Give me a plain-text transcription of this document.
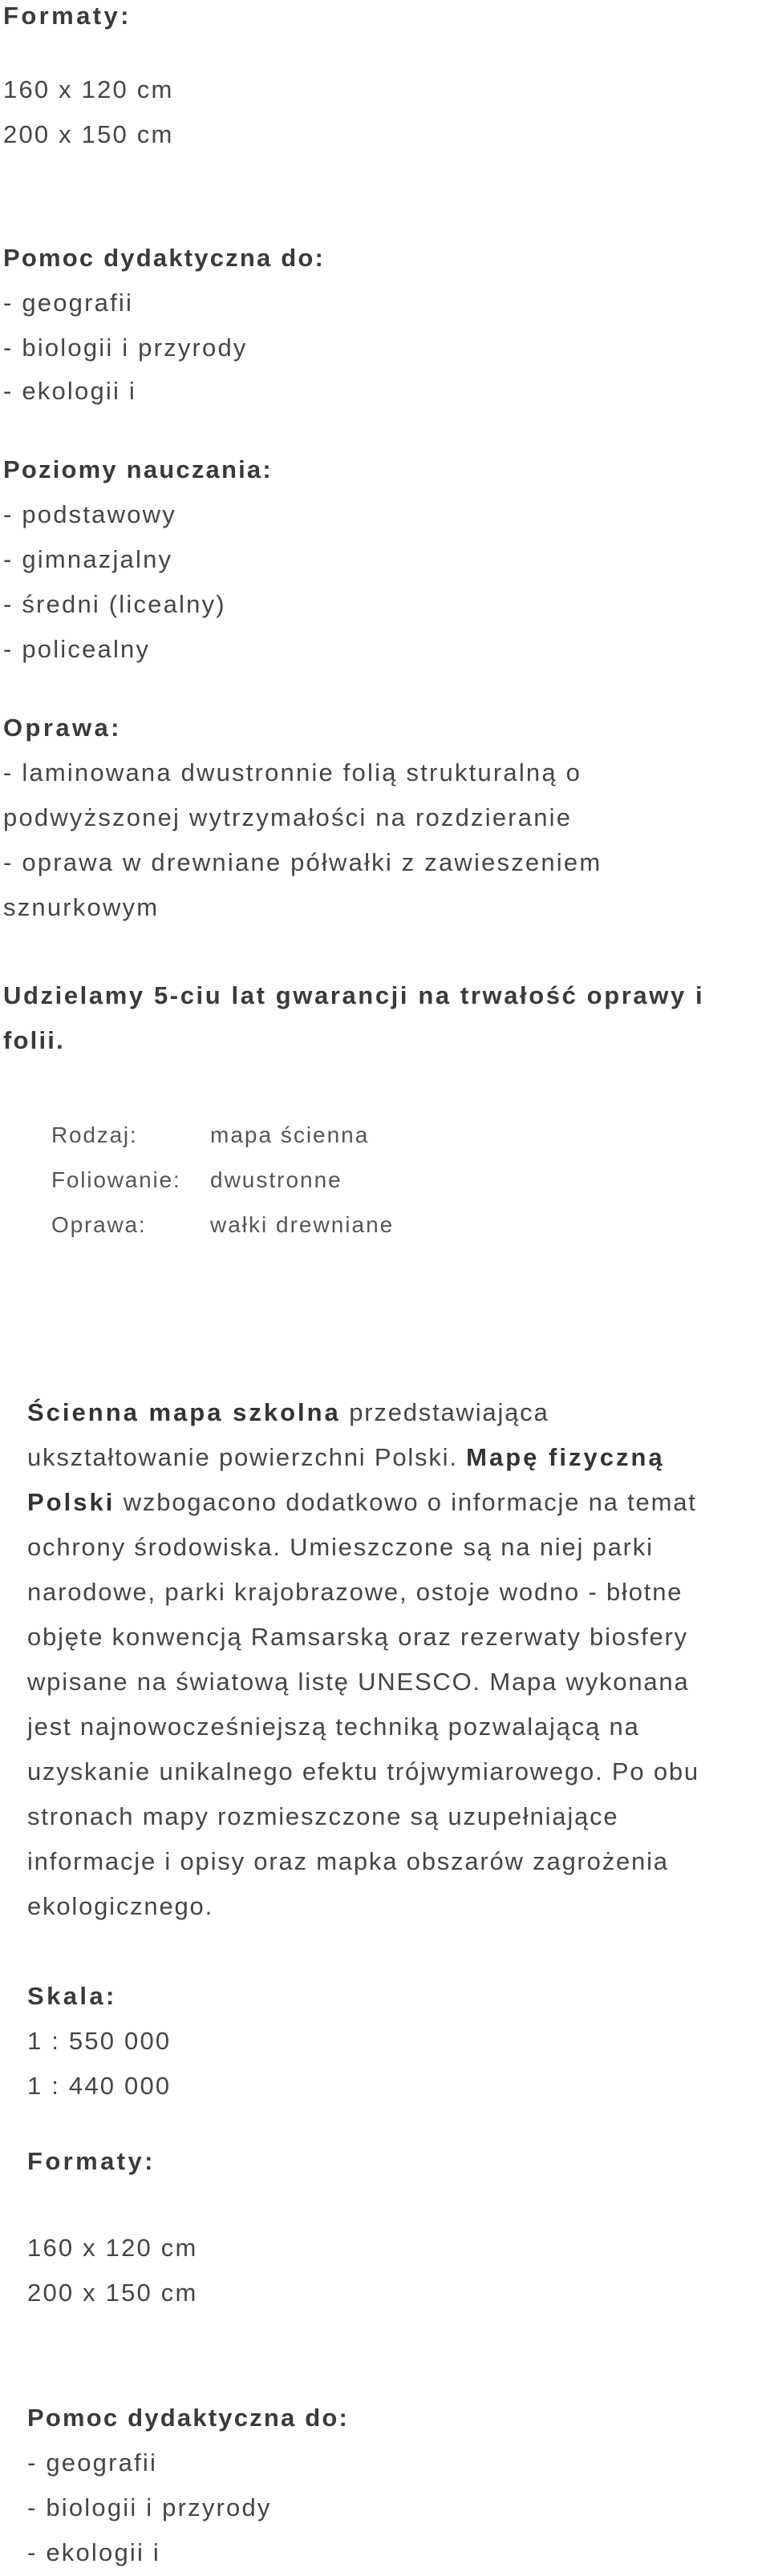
Formaty:

160 x 120 cm

200 x 150 cm

Pomoc dydaktyczna do:

- geografii

- biologii i przyrody

- ekologii i

Poziomy nauczania:

- podstawowy

- gimnazjalny

- średni (licealny)

- policealny

Oprawa:

- laminowana dwustronnie folią strukturalną o

podwyższonej wytrzymałości na rozdzieranie

- oprawa w drewniane półwałki z zawieszeniem

sznurkowym

Udzielamy 5-ciu lat gwarancji na trwałość oprawy i

folii.

Rodzaj:	mapa ścienna
Foliowanie: dwustronne
Oprawa:	wałki drewniane

Ścienna mapa szkolna przedstawiająca

ukształtowanie powierzchni Polski. Mapę fizyczną

Polski wzbogacono dodatkowo o informacje na temat

ochrony środowiska. Umieszczone są na niej parki

narodowe, parki krajobrazowe, ostoje wodno - błotne

objęte konwencją Ramsarską oraz rezerwaty biosfery

wpisane na światową listę UNESCO. Mapa wykonana

jest najnowocześniejszą techniką pozwalającą na

uzyskanie unikalnego efektu trójwymiarowego. Po obu

stronach mapy rozmieszczone są uzupełniające

informacje i opisy oraz mapka obszarów zagrożenia

ekologicznego.

Skala:

1 : 550 000

1 : 440 000

Formaty:

160 x 120 cm

200 x 150 cm

Pomoc dydaktyczna do:

- geografii

- biologii i przyrody

- ekologii i
